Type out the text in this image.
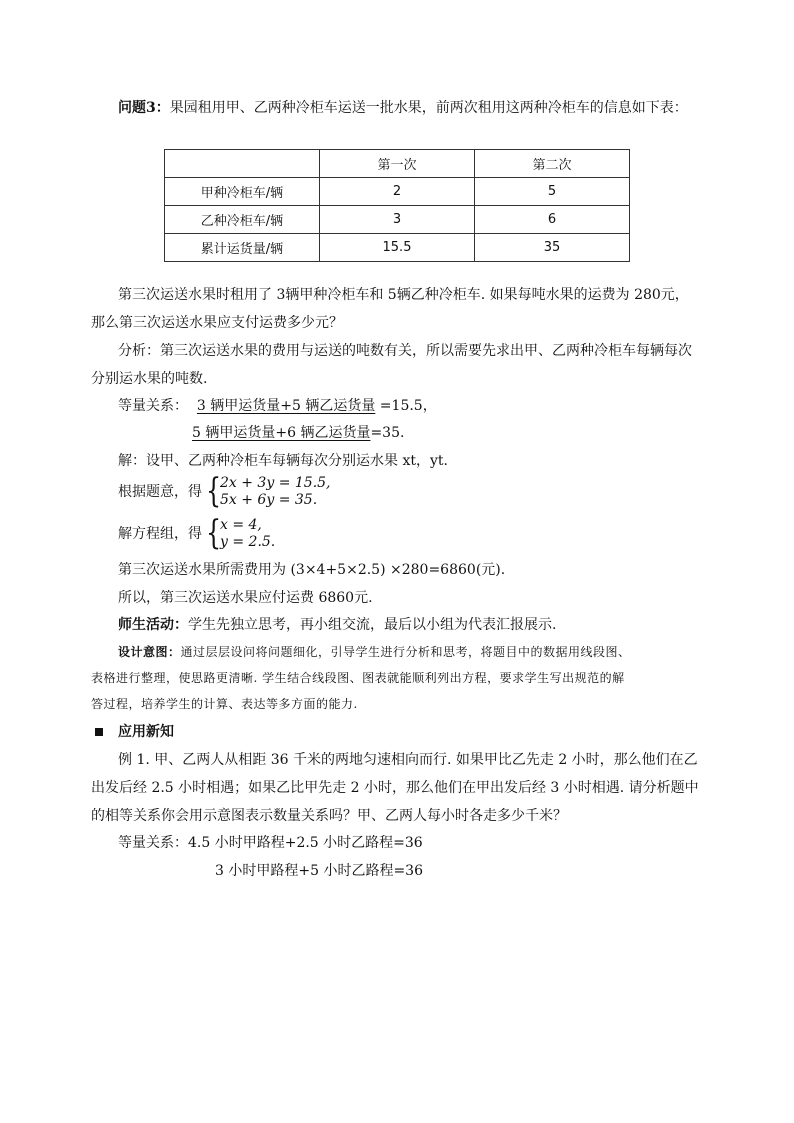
问题3：果园租用甲、乙两种冷柜车运送一批水果，前两次租用这两种冷柜车的信息如下表：
	第一次	第二次
甲种冷柜车/辆	2	5
乙种冷柜车/辆	3	6
累计运货量/辆	15.5	35
第三次运送水果时租用了 3辆甲种冷柜车和 5辆乙种冷柜车. 如果每吨水果的运费为 280元，
那么第三次运送水果应支付运费多少元？
分析：第三次运送水果的费用与运送的吨数有关，所以需要先求出甲、乙两种冷柜车每辆每次
分别运水果的吨数.
等量关系： 3 辆甲运货量+5 辆乙运货量 =15.5，
5 辆甲运货量+6 辆乙运货量=35.
解：设甲、乙两种冷柜车每辆每次分别运水果 xt，yt.
根据题意，得 {
2x + 3y = 15.5,
5x + 6y = 35.
解方程组，得 {
x = 4,
y = 2.5.
第三次运送水果所需费用为 (3×4+5×2.5) ×280=6860(元).
所以，第三次运送水果应付运费 6860元.
师生活动：学生先独立思考，再小组交流，最后以小组为代表汇报展示.
设计意图：通过层层设问将问题细化，引导学生进行分析和思考，将题目中的数据用线段图、
表格进行整理，使思路更清晰. 学生结合线段图、图表就能顺利列出方程，要求学生写出规范的解
答过程，培养学生的计算、表达等多方面的能力.
应用新知
例 1. 甲、乙两人从相距 36 千米的两地匀速相向而行. 如果甲比乙先走 2 小时，那么他们在乙
出发后经 2.5 小时相遇；如果乙比甲先走 2 小时，那么他们在甲出发后经 3 小时相遇. 请分析题中
的相等关系你会用示意图表示数量关系吗？甲、乙两人每小时各走多少千米？
等量关系：4.5 小时甲路程+2.5 小时乙路程=36
3 小时甲路程+5 小时乙路程=36
